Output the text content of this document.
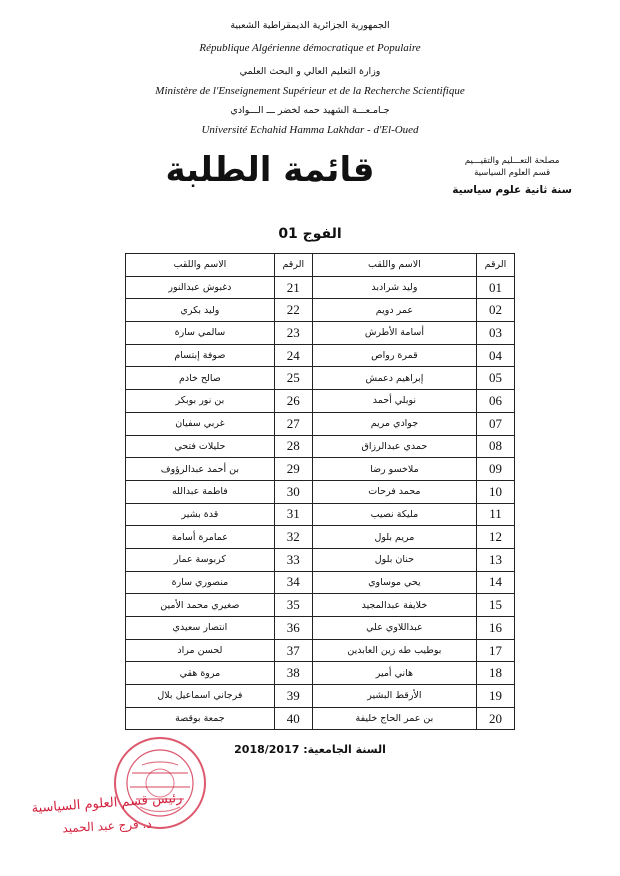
الجمهورية الجزائرية الديمقراطية الشعبية
République Algérienne démocratique et Populaire
وزارة التعليم العالي و البحث العلمي
Ministère de l'Enseignement Supérieur et de la Recherche Scientifique
جـامـعـــة الشهيد حمه لخضر ـــ الـــوادي
Université Echahid Hamma Lakhdar - d'El-Oued
مصلحة التعـــليم والتقيـــيم
قسم العلوم السياسية
سنة ثانية علوم سياسية
قائمة الطلبة
الفوج 01
الرقم	الاسم واللقب	الرقم	الاسم واللقب
01	وليد شرادبد	21	دغبوش عبدالنور
02	عمر دويم	22	وليد بكري
03	أسامة الأطرش	23	سالمي سارة
04	قمرة رواص	24	صوفة إبتسام
05	إبراهيم دعمش	25	صالح خادم
06	نوبلي أحمد	26	بن نور بوبكر
07	جوادي مريم	27	غربي سفيان
08	حمدي عبدالرزاق	28	حليلات فتحي
09	ملاخسو رضا	29	بن أحمد عبدالرؤوف
10	محمد فرحات	30	فاطمة عبدالله
11	مليكة نصيب	31	قدة بشير
12	مريم بلول	32	عمامرة أسامة
13	حنان بلول	33	كربوسة عمار
14	يحي موساوي	34	منصوري سارة
15	خلايفة عبدالمجيد	35	صغيري محمد الأمين
16	عبداللاوي علي	36	انتصار سعيدي
17	بوطيب طه زين العابدين	37	لحسن مراد
18	هاني أمير	38	مروة هقي
19	الأرقط البشير	39	فرجاني اسماعيل بلال
20	بن عمر الحاج خليفة	40	جمعة بوقصة
السنة الجامعية: 2018/2017
رئيس قسم العلوم السياسية
د. فرج عبد الحميد
